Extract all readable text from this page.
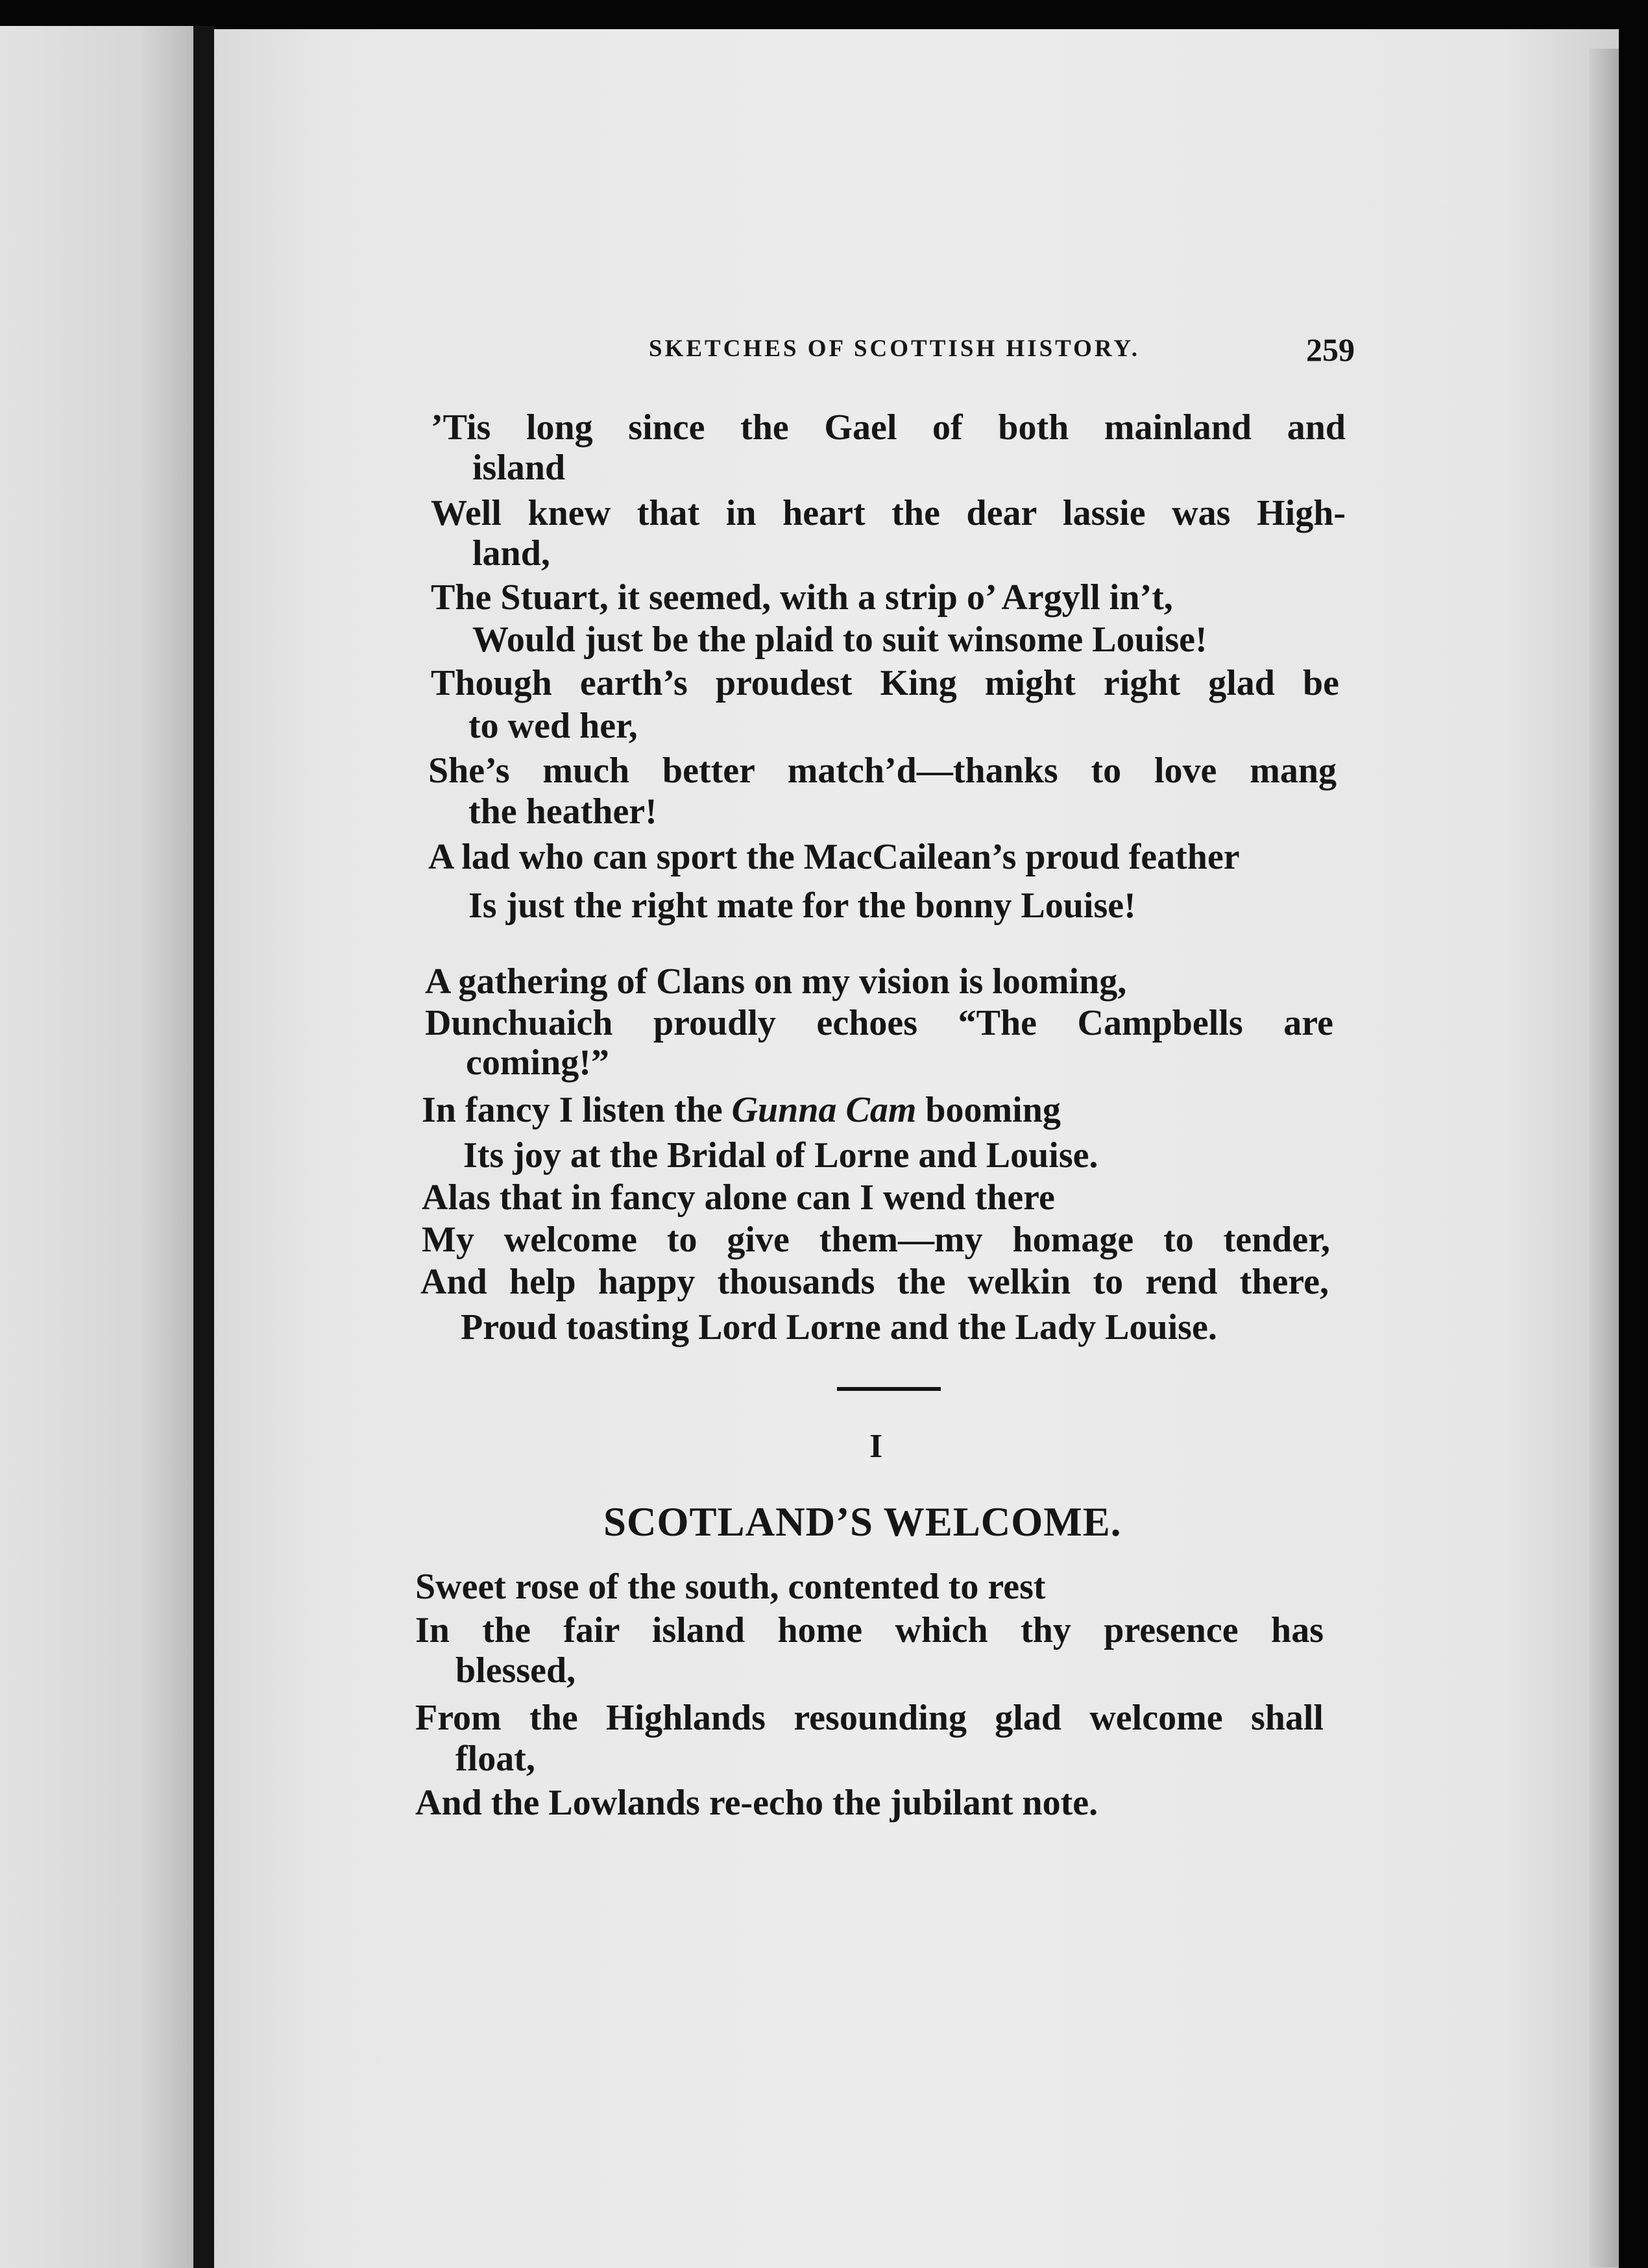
SKETCHES OF SCOTTISH HISTORY.	259
’Tis long since the Gael of both mainland and
island
Well knew that in heart the dear lassie was High-
land,
The Stuart, it seemed, with a strip o’ Argyll in’t,
Would just be the plaid to suit winsome Louise!
Though earth’s proudest King might right glad be
to wed her,
She’s much better match’d—thanks to love mang
the heather!
A lad who can sport the MacCailean’s proud feather
Is just the right mate for the bonny Louise!
A gathering of Clans on my vision is looming,
Dunchuaich proudly echoes “The Campbells are
coming!”
In fancy I listen the Gunna Cam booming
Its joy at the Bridal of Lorne and Louise.
Alas that in fancy alone can I wend there
My welcome to give them—my homage to tender,
And help happy thousands the welkin to rend there,
Proud toasting Lord Lorne and the Lady Louise.
I
SCOTLAND’S WELCOME.
Sweet rose of the south, contented to rest
In the fair island home which thy presence has
blessed,
From the Highlands resounding glad welcome shall
float,
And the Lowlands re-echo the jubilant note.
